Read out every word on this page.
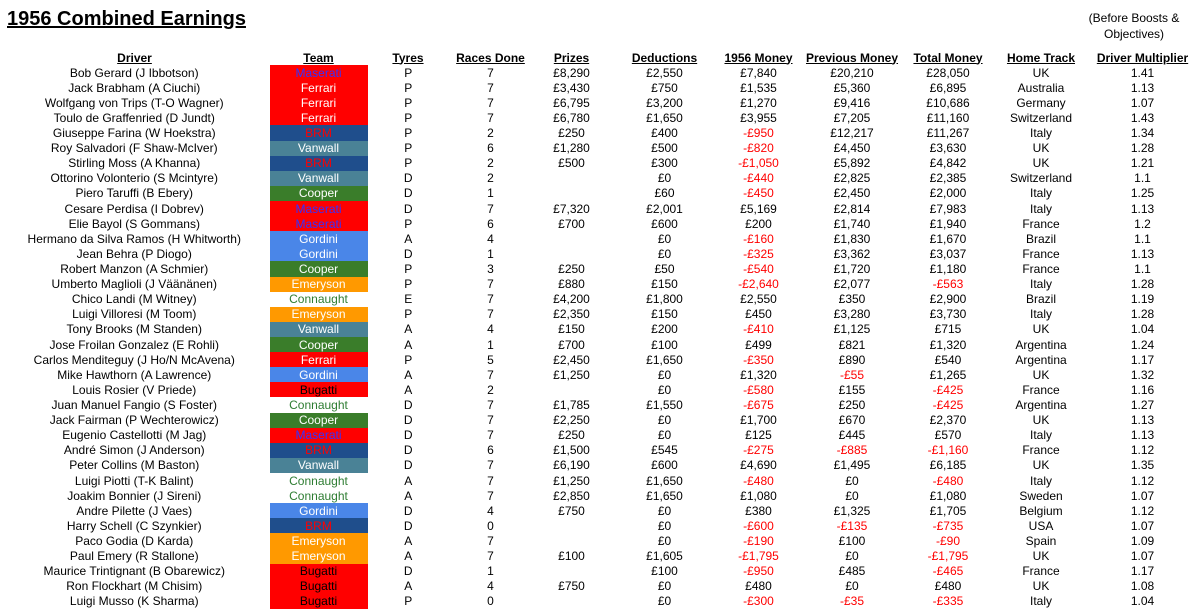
1956 Combined Earnings	(Before Boosts & Objectives)
Driver	Team	Tyres	Races Done	Prizes	Deductions	1956 Money	Previous Money	Total Money	Home Track	Driver Multiplier
Bob Gerard (J Ibbotson)	Maserati	P	7	£8,290	£2,550	£7,840	£20,210	£28,050	UK	1.41
Jack Brabham (A Ciuchi)	Ferrari	P	7	£3,430	£750	£1,535	£5,360	£6,895	Australia	1.13
Wolfgang von Trips (T-O Wagner)	Ferrari	P	7	£6,795	£3,200	£1,270	£9,416	£10,686	Germany	1.07
Toulo de Graffenried (D Jundt)	Ferrari	P	7	£6,780	£1,650	£3,955	£7,205	£11,160	Switzerland	1.43
Giuseppe Farina (W Hoekstra)	BRM	P	2	£250	£400	-£950	£12,217	£11,267	Italy	1.34
Roy Salvadori (F Shaw-McIver)	Vanwall	P	6	£1,280	£500	-£820	£4,450	£3,630	UK	1.28
Stirling Moss (A Khanna)	BRM	P	2	£500	£300	-£1,050	£5,892	£4,842	UK	1.21
Ottorino Volonterio (S Mcintyre)	Vanwall	D	2		£0	-£440	£2,825	£2,385	Switzerland	1.1
Piero Taruffi (B Ebery)	Cooper	D	1		£60	-£450	£2,450	£2,000	Italy	1.25
Cesare Perdisa (I Dobrev)	Maserati	D	7	£7,320	£2,001	£5,169	£2,814	£7,983	Italy	1.13
Elie Bayol (S Gommans)	Maserati	P	6	£700	£600	£200	£1,740	£1,940	France	1.2
Hermano da Silva Ramos (H Whitworth)	Gordini	A	4		£0	-£160	£1,830	£1,670	Brazil	1.1
Jean Behra (P Diogo)	Gordini	D	1		£0	-£325	£3,362	£3,037	France	1.13
Robert Manzon (A Schmier)	Cooper	P	3	£250	£50	-£540	£1,720	£1,180	France	1.1
Umberto Maglioli (J Väänänen)	Emeryson	P	7	£880	£150	-£2,640	£2,077	-£563	Italy	1.28
Chico Landi (M Witney)	Connaught	E	7	£4,200	£1,800	£2,550	£350	£2,900	Brazil	1.19
Luigi Villoresi (M Toom)	Emeryson	P	7	£2,350	£150	£450	£3,280	£3,730	Italy	1.28
Tony Brooks (M Standen)	Vanwall	A	4	£150	£200	-£410	£1,125	£715	UK	1.04
Jose Froilan Gonzalez (E Rohli)	Cooper	A	1	£700	£100	£499	£821	£1,320	Argentina	1.24
Carlos Menditeguy (J Ho/N McAvena)	Ferrari	P	5	£2,450	£1,650	-£350	£890	£540	Argentina	1.17
Mike Hawthorn (A Lawrence)	Gordini	A	7	£1,250	£0	£1,320	-£55	£1,265	UK	1.32
Louis Rosier (V Priede)	Bugatti	A	2		£0	-£580	£155	-£425	France	1.16
Juan Manuel Fangio (S Foster)	Connaught	D	7	£1,785	£1,550	-£675	£250	-£425	Argentina	1.27
Jack Fairman (P Wechterowicz)	Cooper	D	7	£2,250	£0	£1,700	£670	£2,370	UK	1.13
Eugenio Castellotti (M Jag)	Maserati	D	7	£250	£0	£125	£445	£570	Italy	1.13
André Simon (J Anderson)	BRM	D	6	£1,500	£545	-£275	-£885	-£1,160	France	1.12
Peter Collins (M Baston)	Vanwall	D	7	£6,190	£600	£4,690	£1,495	£6,185	UK	1.35
Luigi Piotti (T-K Balint)	Connaught	A	7	£1,250	£1,650	-£480	£0	-£480	Italy	1.12
Joakim Bonnier (J Sireni)	Connaught	A	7	£2,850	£1,650	£1,080	£0	£1,080	Sweden	1.07
Andre Pilette (J Vaes)	Gordini	D	4	£750	£0	£380	£1,325	£1,705	Belgium	1.12
Harry Schell (C Szynkier)	BRM	D	0		£0	-£600	-£135	-£735	USA	1.07
Paco Godia (D Karda)	Emeryson	A	7		£0	-£190	£100	-£90	Spain	1.09
Paul Emery (R Stallone)	Emeryson	A	7	£100	£1,605	-£1,795	£0	-£1,795	UK	1.07
Maurice Trintignant (B Obarewicz)	Bugatti	D	1		£100	-£950	£485	-£465	France	1.17
Ron Flockhart (M Chisim)	Bugatti	A	4	£750	£0	£480	£0	£480	UK	1.08
Luigi Musso (K Sharma)	Bugatti	P	0		£0	-£300	-£35	-£335	Italy	1.04
